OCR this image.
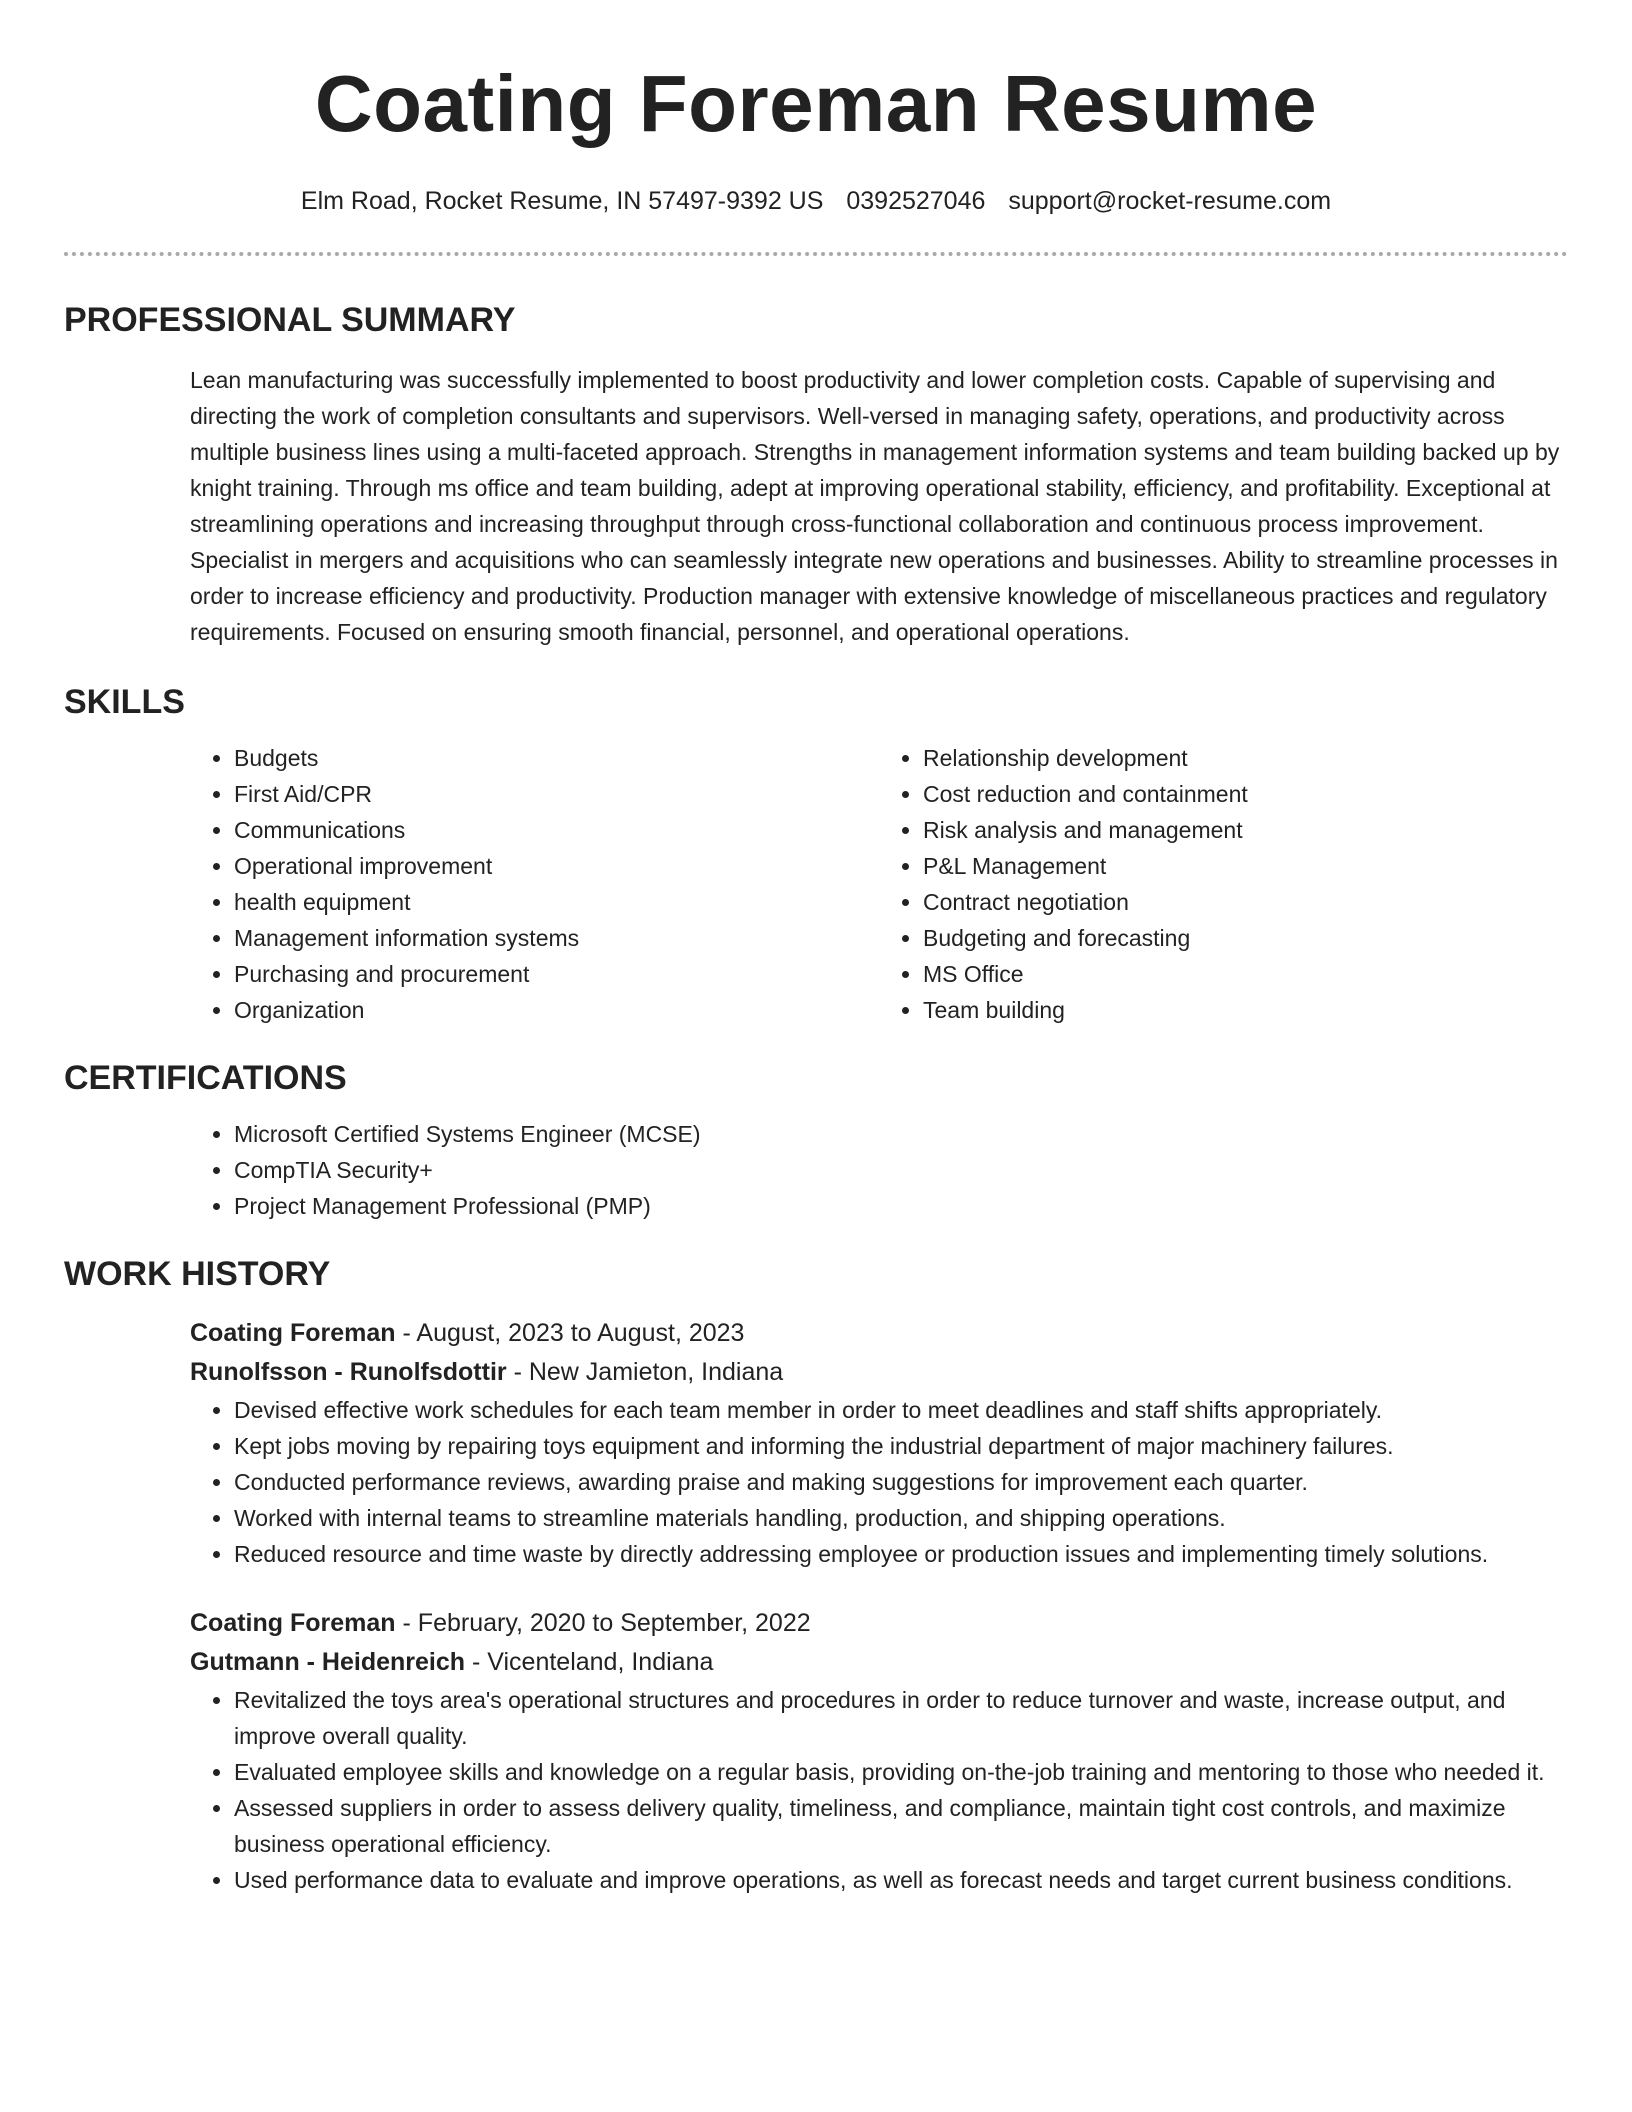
Coating Foreman Resume
Elm Road, Rocket Resume, IN 57497-9392 US 0392527046 support@rocket-resume.com
PROFESSIONAL SUMMARY

Lean manufacturing was successfully implemented to boost productivity and lower completion costs. Capable of supervising and directing the work of completion consultants and supervisors. Well-versed in managing safety, operations, and productivity across multiple business lines using a multi-faceted approach. Strengths in management information systems and team building backed up by knight training. Through ms office and team building, adept at improving operational stability, efficiency, and profitability. Exceptional at streamlining operations and increasing throughput through cross-functional collaboration and continuous process improvement. Specialist in mergers and acquisitions who can seamlessly integrate new operations and businesses. Ability to streamline processes in order to increase efficiency and productivity. Production manager with extensive knowledge of miscellaneous practices and regulatory requirements. Focused on ensuring smooth financial, personnel, and operational operations.

SKILLS
• Budgets
• First Aid/CPR
• Communications
• Operational improvement
• health equipment
• Management information systems
• Purchasing and procurement
• Organization
• Relationship development
• Cost reduction and containment
• Risk analysis and management
• P&L Management
• Contract negotiation
• Budgeting and forecasting
• MS Office
• Team building
CERTIFICATIONS
• Microsoft Certified Systems Engineer (MCSE)
• CompTIA Security+
• Project Management Professional (PMP)
WORK HISTORY
Coating Foreman - August, 2023 to August, 2023
Runolfsson - Runolfsdottir - New Jamieton, Indiana
• Devised effective work schedules for each team member in order to meet deadlines and staff shifts appropriately.
• Kept jobs moving by repairing toys equipment and informing the industrial department of major machinery failures.
• Conducted performance reviews, awarding praise and making suggestions for improvement each quarter.
• Worked with internal teams to streamline materials handling, production, and shipping operations.
• Reduced resource and time waste by directly addressing employee or production issues and implementing timely solutions.
Coating Foreman - February, 2020 to September, 2022
Gutmann - Heidenreich - Vicenteland, Indiana
• Revitalized the toys area's operational structures and procedures in order to reduce turnover and waste, increase output, and improve overall quality.
• Evaluated employee skills and knowledge on a regular basis, providing on-the-job training and mentoring to those who needed it.
• Assessed suppliers in order to assess delivery quality, timeliness, and compliance, maintain tight cost controls, and maximize business operational efficiency.
• Used performance data to evaluate and improve operations, as well as forecast needs and target current business conditions.
